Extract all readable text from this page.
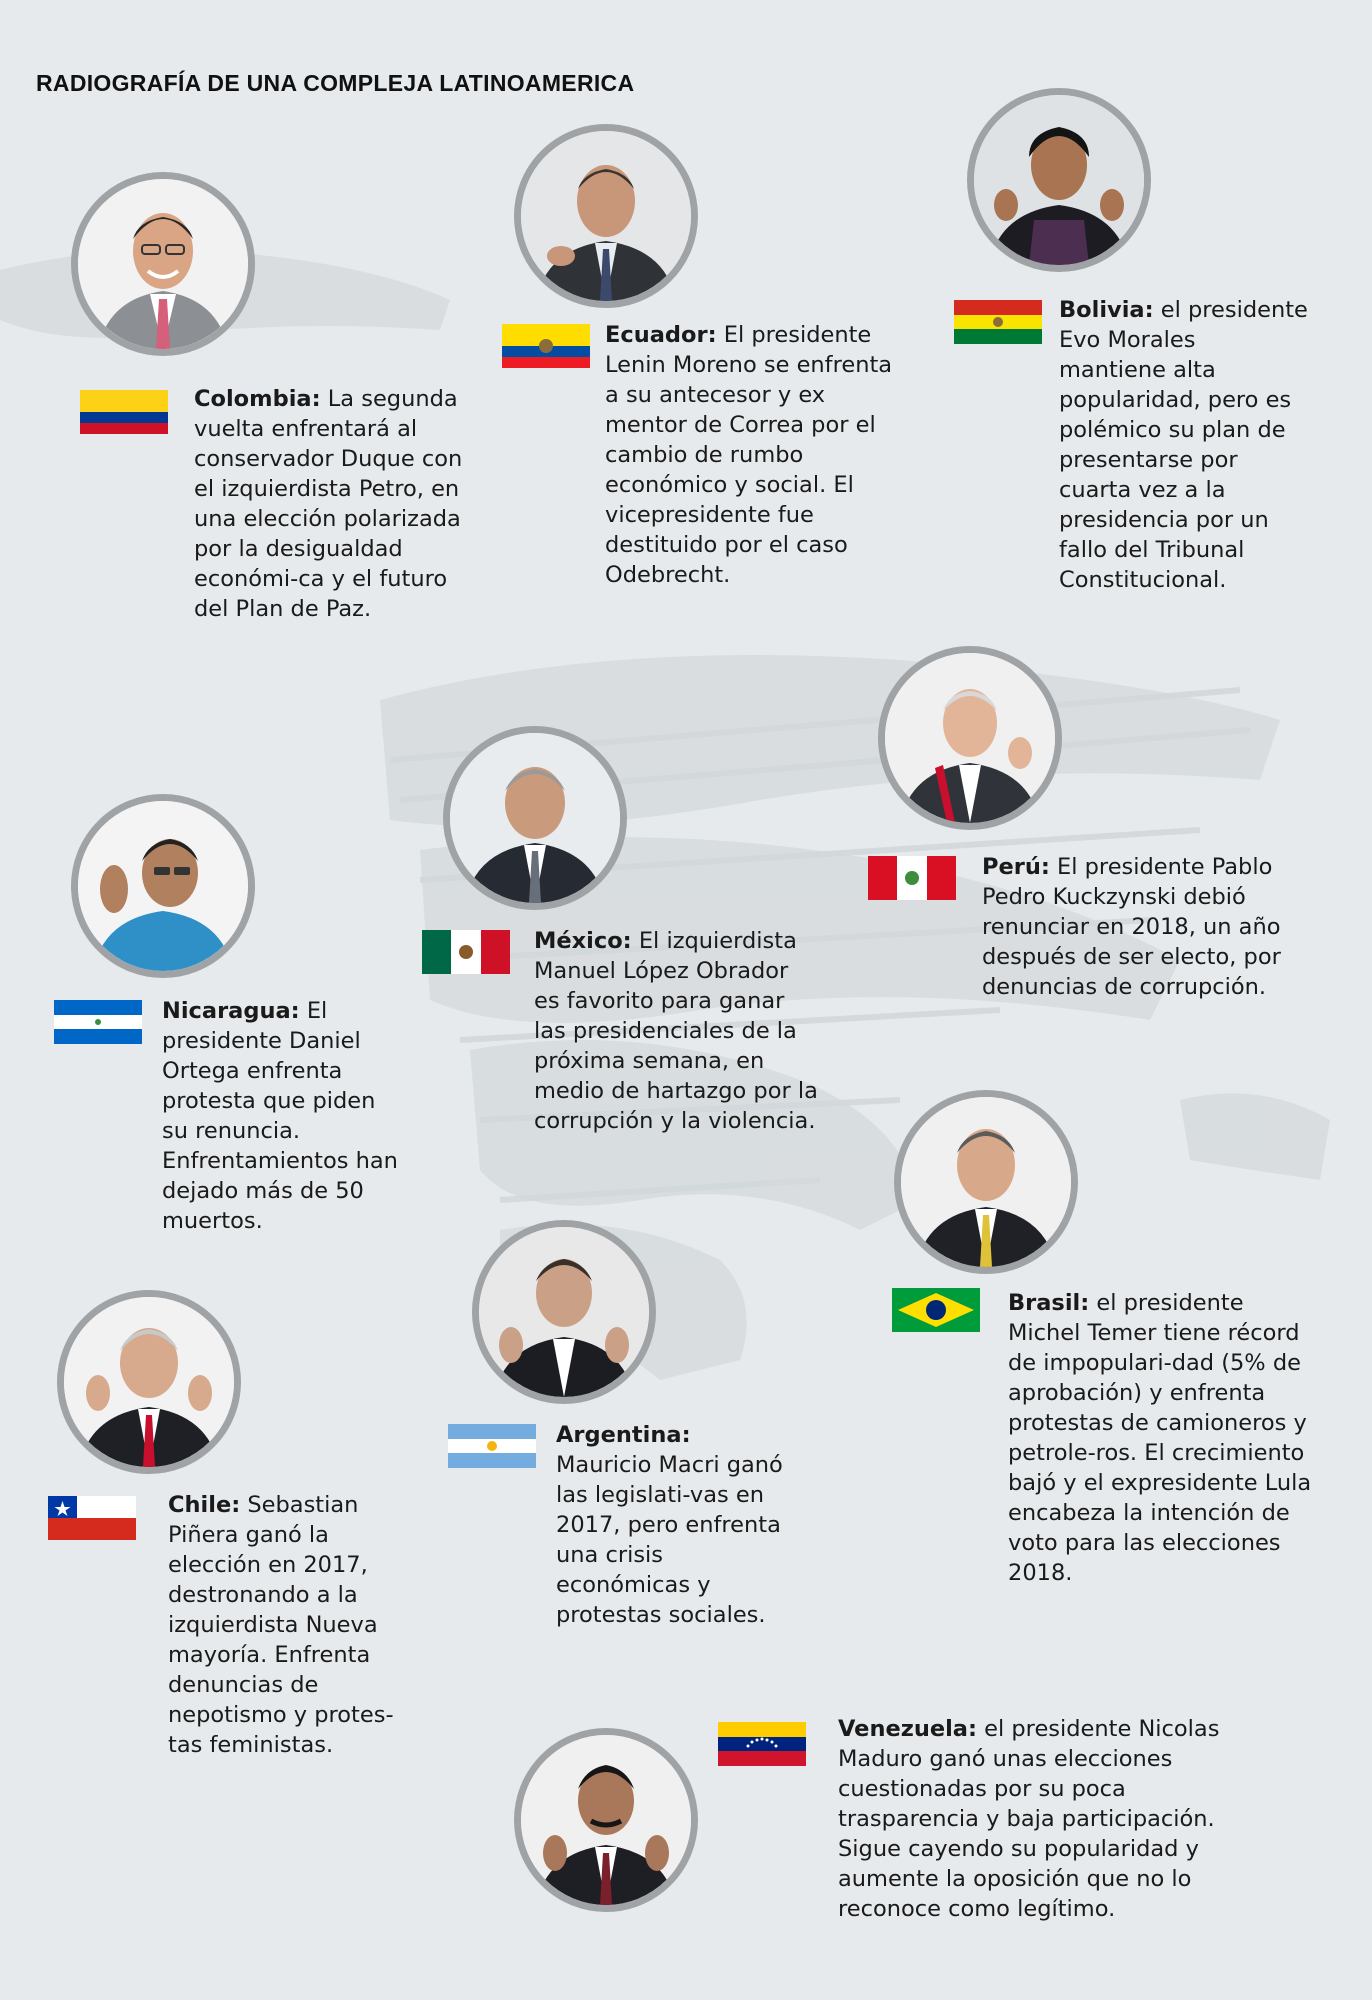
RADIOGRAFÍA DE UNA COMPLEJA LATINOAMERICA
Colombia: La segunda vuelta enfrentará al conservador Duque con el izquierdista Petro, en una elección polarizada por la desigualdad económi-ca y el futuro del Plan de Paz.
Ecuador: El presidente Lenin Moreno se enfrenta a su antecesor y ex mentor de Correa por el cambio de rumbo económico y social. El vicepresidente fue destituido por el caso Odebrecht.
Bolivia: el presidente Evo Morales mantiene alta popularidad, pero es polémico su plan de presentarse por cuarta vez a la presidencia por un fallo del Tribunal Constitucional.
Perú: El presidente Pablo Pedro Kuckzynski debió renunciar en 2018, un año después de ser electo, por denuncias de corrupción.
Nicaragua: El presidente Daniel Ortega enfrenta protesta que piden su renuncia. Enfrentamientos han dejado más de 50 muertos.
México: El izquierdista Manuel López Obrador es favorito para ganar las presidenciales de la próxima semana, en medio de hartazgo por la corrupción y la violencia.
Brasil: el presidente Michel Temer tiene récord de impopulari-dad (5% de aprobación) y enfrenta protestas de camioneros y petrole-ros. El crecimiento bajó y el expresidente Lula encabeza la intención de voto para las elecciones 2018.
Argentina: Mauricio Macri ganó las legislati-vas en 2017, pero enfrenta una crisis económicas y protestas sociales.
Chile: Sebastian Piñera ganó la elección en 2017, destronando a la izquierdista Nueva mayoría. Enfrenta denuncias de nepotismo y protes-tas feministas.
Venezuela: el presidente Nicolas Maduro ganó unas elecciones cuestionadas por su poca trasparencia y baja participación. Sigue cayendo su popularidad y aumente la oposición que no lo reconoce como legítimo.
